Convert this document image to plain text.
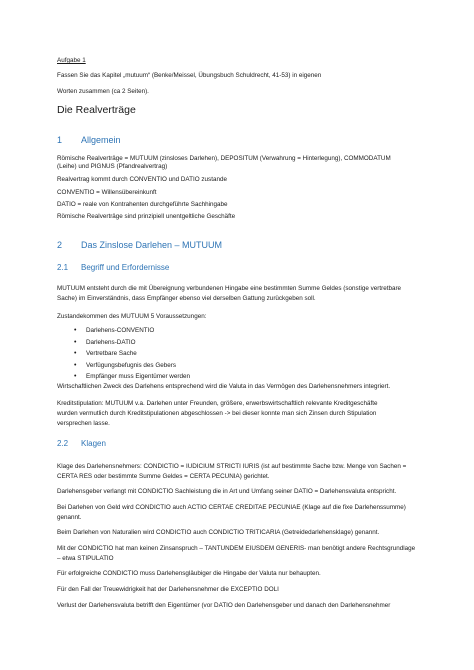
Aufgabe 1
Fassen Sie das Kapitel „mutuum“ (Benke/Meissel, Übungsbuch Schuldrecht, 41-53) in eigenen
Worten zusammen (ca 2 Seiten).
Die Realverträge
1 Allgemein
Römische Realverträge = MUTUUM (zinsloses Darlehen), DEPOSITUM (Verwahrung = Hinterlegung), COMMODATUM
(Leihe) und PIGNUS (Pfandrealvertrag)
Realvertrag kommt durch CONVENTIO und DATIO zustande
CONVENTIO = Willensübereinkunft
DATIO = reale von Kontrahenten durchgeführte Sachhingabe
Römische Realverträge sind prinzipiell unentgeltliche Geschäfte
2 Das Zinslose Darlehen – MUTUUM
2.1 Begriff und Erfordernisse
MUTUUM entsteht durch die mit Übereignung verbundenen Hingabe eine bestimmten Summe Geldes (sonstige vertretbare
Sache) im Einverständnis, dass Empfänger ebenso viel derselben Gattung zurückgeben soll.
Zustandekommen des MUTUUM 5 Voraussetzungen:
• Darlehens-CONVENTIO
• Darlehens-DATIO
• Vertretbare Sache
• Verfügungsbefugnis des Gebers
• Empfänger muss Eigentümer werden
Wirtschaftlichen Zweck des Darlehens entsprechend wird die Valuta in das Vermögen des Darlehensnehmers integriert.
Kreditstipulation: MUTUUM v.a. Darlehen unter Freunden, größere, erwerbswirtschaftlich relevante Kreditgeschäfte
wurden vermutlich durch Kreditstipulationen abgeschlossen -> bei dieser konnte man sich Zinsen durch Stipulation
versprechen lasse.
2.2 Klagen
Klage des Darlehensnehmers: CONDICTIO = IUDICIUM STRICTI IURIS (ist auf bestimmte Sache bzw. Menge von Sachen =
CERTA RES oder bestimmte Summe Geldes = CERTA PECUNIA) gerichtet.
Darlehensgeber verlangt mit CONDICTIO Sachleistung die in Art und Umfang seiner DATIO = Darlehensvaluta entspricht.
Bei Darlehen von Geld wird CONDICTIO auch ACTIO CERTAE CREDITAE PECUNIAE (Klage auf die fixe Darlehenssumme)
genannt.
Beim Darlehen von Naturalien wird CONDICTIO auch CONDICTIO TRITICARIA (Getreidedarlehensklage) genannt.
Mit der CONDICTIO hat man keinen Zinsanspruch – TANTUNDEM EIUSDEM GENERIS- man benötigt andere Rechtsgrundlage
– etwa STIPULATIO
Für erfolgreiche CONDICTIO muss Darlehensgläubiger die Hingabe der Valuta nur behaupten.
Für den Fall der Treuewidrigkeit hat der Darlehensnehmer die EXCEPTIO DOLI
Verlust der Darlehensvaluta betrifft den Eigentümer (vor DATIO den Darlehensgeber und danach den Darlehensnehmer
